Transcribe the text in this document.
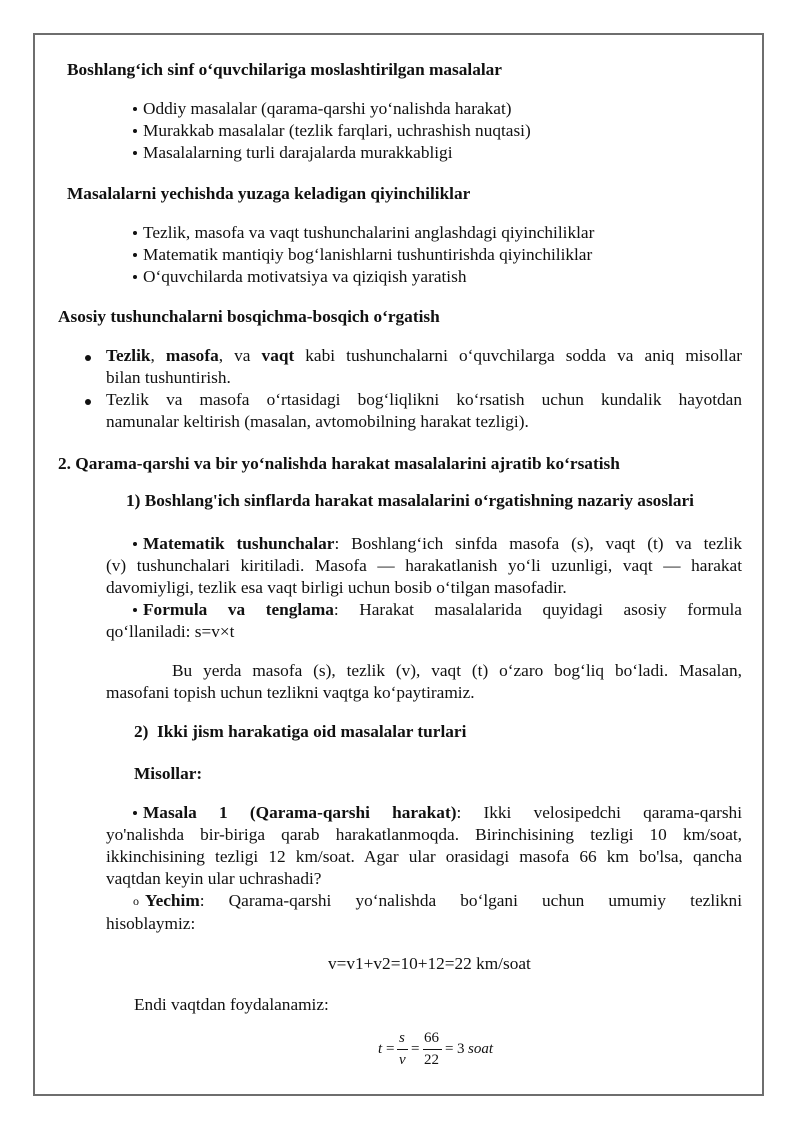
Boshlang‘ich sinf o‘quvchilariga moslashtirilgan masalalar
Oddiy masalalar (qarama-qarshi yo‘nalishda harakat)
Murakkab masalalar (tezlik farqlari, uchrashish nuqtasi)
Masalalarning turli darajalarda murakkabligi
Masalalarni yechishda yuzaga keladigan qiyinchiliklar
Tezlik, masofa va vaqt tushunchalarini anglashdagi qiyinchiliklar
Matematik mantiqiy bog‘lanishlarni tushuntirishda qiyinchiliklar
O‘quvchilarda motivatsiya va qiziqish yaratish
Asosiy tushunchalarni bosqichma-bosqich o‘rgatish
Tezlik, masofa, va vaqt kabi tushunchalarni o‘quvchilarga sodda va aniq misollar
bilan tushuntirish.
Tezlik va masofa o‘rtasidagi bog‘liqlikni ko‘rsatish uchun kundalik hayotdan
namunalar keltirish (masalan, avtomobilning harakat tezligi).
2. Qarama-qarshi va bir yo‘nalishda harakat masalalarini ajratib ko‘rsatish
1) Boshlang'ich sinflarda harakat masalalarini o‘rgatishning nazariy asoslari
Matematik tushunchalar: Boshlang‘ich sinfda masofa (s), vaqt (t) va tezlik
(v) tushunchalari kiritiladi. Masofa — harakatlanish yo‘li uzunligi, vaqt — harakat
davomiyligi, tezlik esa vaqt birligi uchun bosib o‘tilgan masofadir.
Formula va tenglama: Harakat masalalarida quyidagi asosiy formula
qo‘llaniladi: s=v×t
Bu yerda masofa (s), tezlik (v), vaqt (t) o‘zaro bog‘liq bo‘ladi. Masalan,
masofani topish uchun tezlikni vaqtga ko‘paytiramiz.
2) Ikki jism harakatiga oid masalalar turlari
Misollar:
Masala 1 (Qarama-qarshi harakat): Ikki velosipedchi qarama-qarshi
yo'nalishda bir-biriga qarab harakatlanmoqda. Birinchisining tezligi 10 km/soat,
ikkinchisining tezligi 12 km/soat. Agar ular orasidagi masofa 66 km bo'lsa, qancha
vaqtdan keyin ular uchrashadi?
o Yechim: Qarama-qarshi yo‘nalishda bo‘lgani uchun umumiy tezlikni
hisoblaymiz:
v=v1+v2=10+12=22 km/soat
Endi vaqtdan foydalanamiz:
t =
s
v
=
66
22
= 3 soat
